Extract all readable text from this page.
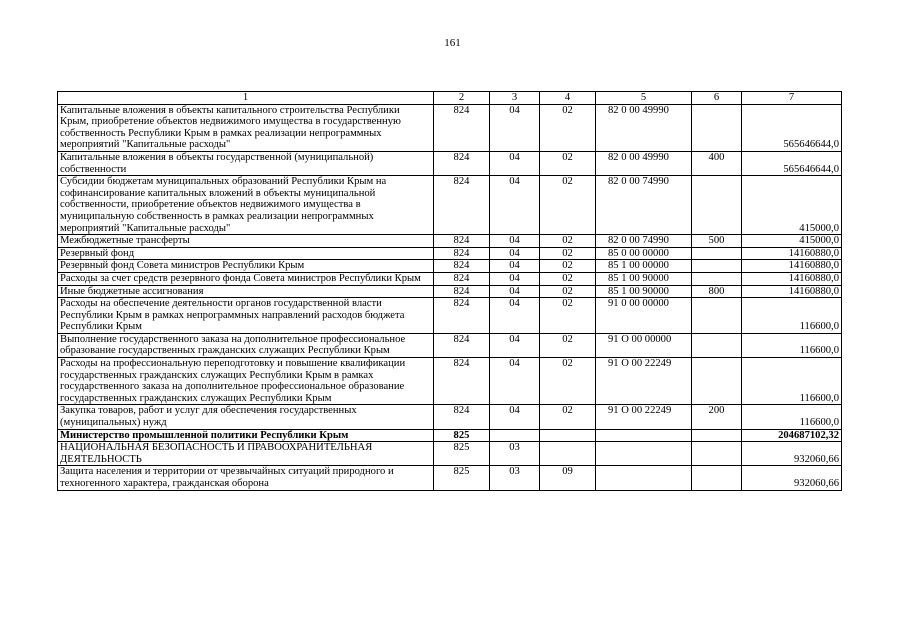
161
1	2	3	4	5	6	7
Капитальные вложения в объекты капитального строительства Республики Крым, приобретение объектов недвижимого имущества в государственную собственность Республики Крым в рамках реализации непрограммных мероприятий "Капитальные расходы"	824	04	02	82 0 00 49990		565646644,0
Капитальные вложения в объекты государственной (муниципальной) собственности	824	04	02	82 0 00 49990	400	565646644,0
Субсидии бюджетам муниципальных образований Республики Крым на софинансирование капитальных вложений в объекты муниципальной собственности, приобретение объектов недвижимого имущества в муниципальную собственность в рамках реализации непрограммных мероприятий "Капитальные расходы"	824	04	02	82 0 00 74990		415000,0
Межбюджетные трансферты	824	04	02	82 0 00 74990	500	415000,0
Резервный фонд	824	04	02	85 0 00 00000		14160880,0
Резервный фонд Совета министров Республики Крым	824	04	02	85 1 00 00000		14160880,0
Расходы за счет средств резервного фонда Совета министров Республики Крым	824	04	02	85 1 00 90000		14160880,0
Иные бюджетные ассигнования	824	04	02	85 1 00 90000	800	14160880,0
Расходы на обеспечение деятельности органов государственной власти Республики Крым в рамках непрограммных направлений расходов бюджета Республики Крым	824	04	02	91 0 00 00000		116600,0
Выполнение государственного заказа на дополнительное профессиональное образование государственных гражданских служащих Республики Крым	824	04	02	91 О 00 00000		116600,0
Расходы на профессиональную переподготовку и повышение квалификации государственных гражданских служащих Республики Крым в рамках государственного заказа на дополнительное профессиональное образование государственных гражданских служащих Республики Крым	824	04	02	91 О 00 22249		116600,0
Закупка товаров, работ и услуг для обеспечения государственных (муниципальных) нужд	824	04	02	91 О 00 22249	200	116600,0
Министерство промышленной политики Республики Крым	825					204687102,32
НАЦИОНАЛЬНАЯ БЕЗОПАСНОСТЬ И ПРАВООХРАНИТЕЛЬНАЯ ДЕЯТЕЛЬНОСТЬ	825	03				932060,66
Защита населения и территории от чрезвычайных ситуаций природного и техногенного характера, гражданская оборона	825	03	09			932060,66
